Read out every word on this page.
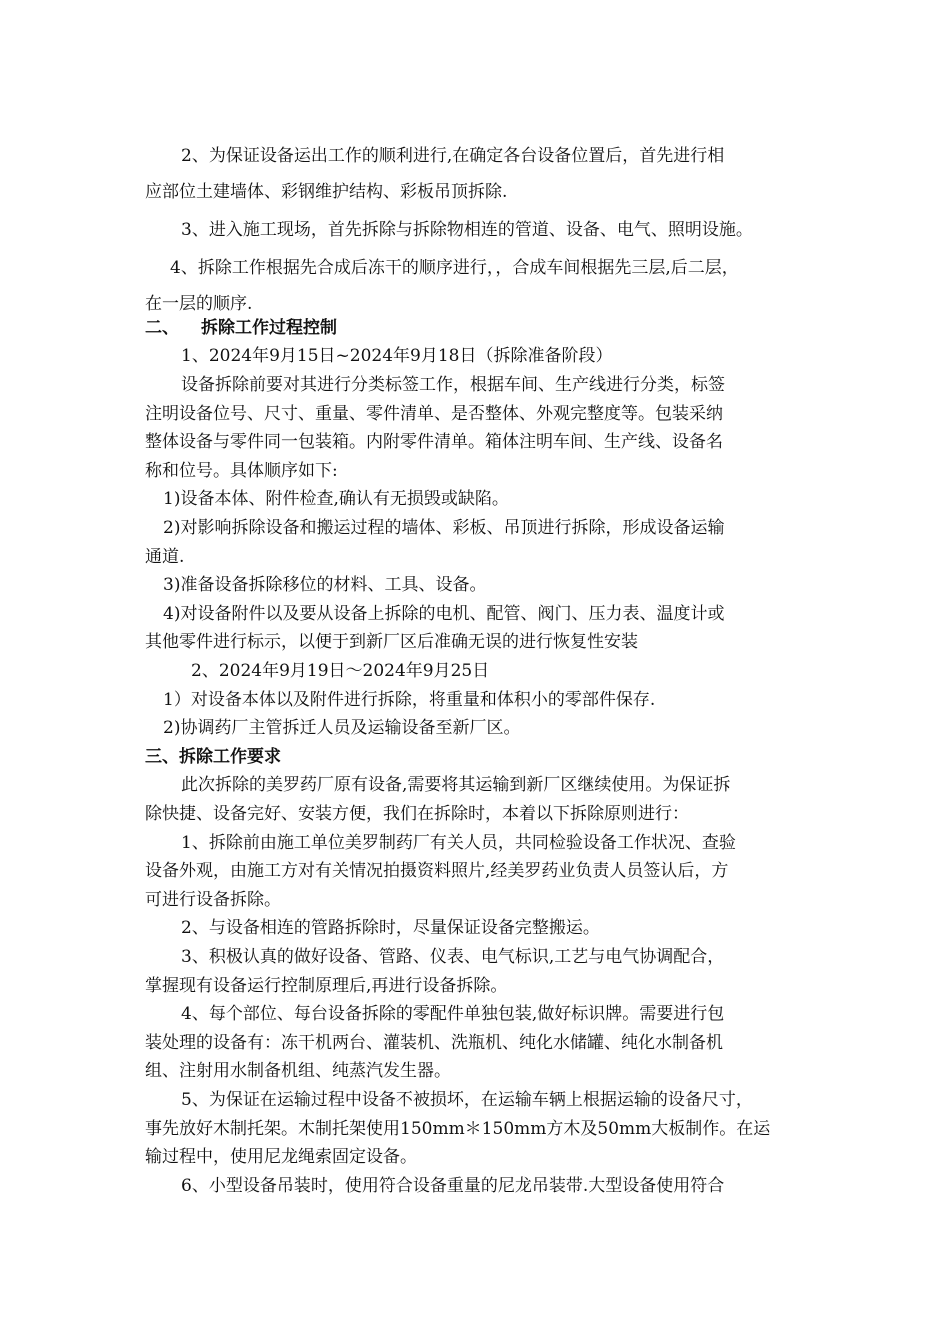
2、为保证设备运出工作的顺利进行,在确定各台设备位置后，首先进行相
应部位土建墙体、彩钢维护结构、彩板吊顶拆除.
3、进入施工现场，首先拆除与拆除物相连的管道、设备、电气、照明设施。
4、拆除工作根据先合成后冻干的顺序进行，，合成车间根据先三层,后二层，
在一层的顺序.
二、 拆除工作过程控制
1、2024年9月15日~2024年9月18日（拆除准备阶段）
设备拆除前要对其进行分类标签工作，根据车间、生产线进行分类，标签
注明设备位号、尺寸、重量、零件清单、是否整体、外观完整度等。包装采纳
整体设备与零件同一包装箱。内附零件清单。箱体注明车间、生产线、设备名
称和位号。具体顺序如下:
1)设备本体、附件检查,确认有无损毁或缺陷。
2)对影响拆除设备和搬运过程的墙体、彩板、吊顶进行拆除，形成设备运输
通道.
3)准备设备拆除移位的材料、工具、设备。
4)对设备附件以及要从设备上拆除的电机、配管、阀门、压力表、温度计或
其他零件进行标示，以便于到新厂区后准确无误的进行恢复性安装
2、2024年9月19日～2024年9月25日
1）对设备本体以及附件进行拆除，将重量和体积小的零部件保存.
2)协调药厂主管拆迁人员及运输设备至新厂区。
三、拆除工作要求
此次拆除的美罗药厂原有设备,需要将其运输到新厂区继续使用。为保证拆
除快捷、设备完好、安装方便，我们在拆除时，本着以下拆除原则进行：
1、拆除前由施工单位美罗制药厂有关人员，共同检验设备工作状况、查验
设备外观，由施工方对有关情况拍摄资料照片,经美罗药业负责人员签认后，方
可进行设备拆除。
2、与设备相连的管路拆除时，尽量保证设备完整搬运。
3、积极认真的做好设备、管路、仪表、电气标识,工艺与电气协调配合，
掌握现有设备运行控制原理后,再进行设备拆除。
4、每个部位、每台设备拆除的零配件单独包装,做好标识牌。需要进行包
装处理的设备有：冻干机两台、灌装机、洗瓶机、纯化水储罐、纯化水制备机
组、注射用水制备机组、纯蒸汽发生器。
5、为保证在运输过程中设备不被损坏，在运输车辆上根据运输的设备尺寸，
事先放好木制托架。木制托架使用150mm＊150mm方木及50mm大板制作。在运
输过程中，使用尼龙绳索固定设备。
6、小型设备吊装时，使用符合设备重量的尼龙吊装带.大型设备使用符合
